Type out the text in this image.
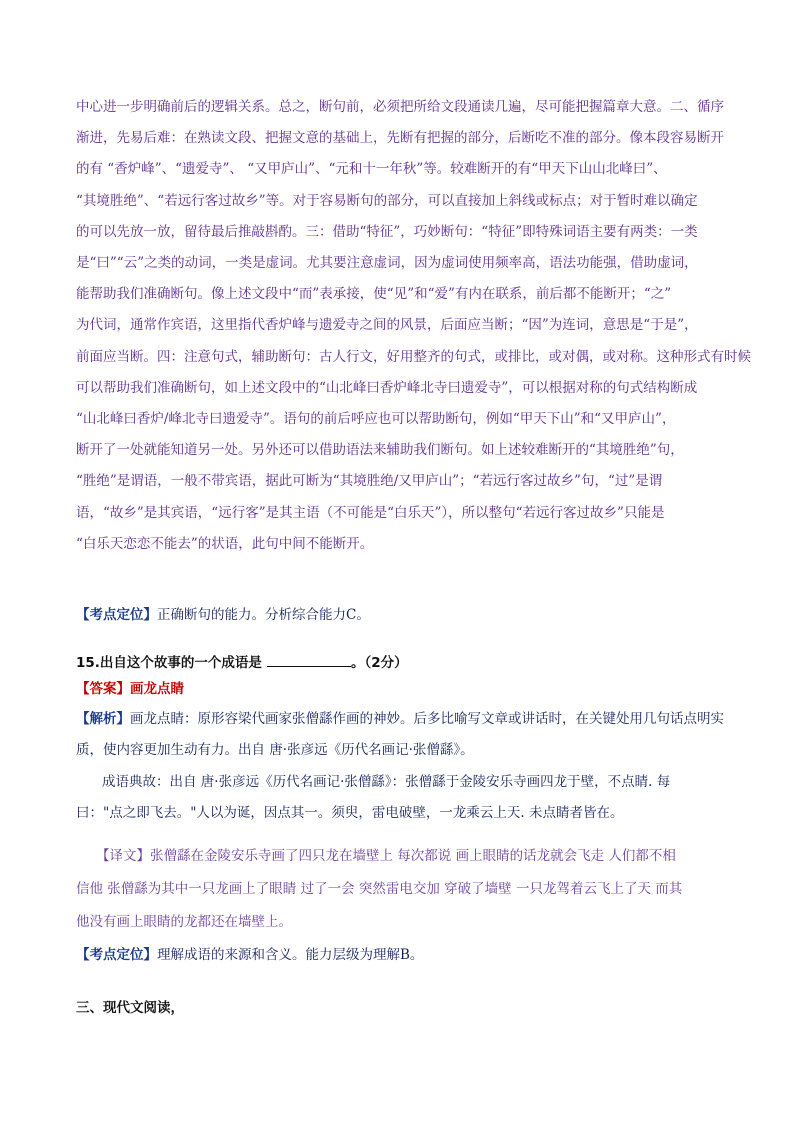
中心进一步明确前后的逻辑关系。总之，断句前，必须把所给文段通读几遍，尽可能把握篇章大意。二、循序
渐进，先易后难：在熟读文段、把握文意的基础上，先断有把握的部分，后断吃不准的部分。像本段容易断开
的有 “香炉峰”、“遗爱寺”、 “又甲庐山”、“元和十一年秋”等。较难断开的有“甲天下山山北峰曰”、
“其境胜绝”、“若远行客过故乡”等。对于容易断句的部分，可以直接加上斜线或标点；对于暂时难以确定
的可以先放一放，留待最后推敲斟酌。三：借助“特征”，巧妙断句：“特征”即特殊词语主要有两类：一类
是“曰”“云”之类的动词，一类是虚词。尤其要注意虚词，因为虚词使用频率高，语法功能强，借助虚词，
能帮助我们准确断句。像上述文段中“而”表承接，使“见”和“爱”有内在联系，前后都不能断开；“之”
为代词，通常作宾语，这里指代香炉峰与遗爱寺之间的风景，后面应当断；“因”为连词，意思是“于是”，
前面应当断。四：注意句式，辅助断句：古人行文，好用整齐的句式，或排比，或对偶，或对称。这种形式有时候
可以帮助我们准确断句，如上述文段中的“山北峰曰香炉峰北寺曰遗爱寺”，可以根据对称的句式结构断成
“山北峰曰香炉/峰北寺曰遗爱寺”。语句的前后呼应也可以帮助断句，例如“甲天下山”和“又甲庐山”，
断开了一处就能知道另一处。另外还可以借助语法来辅助我们断句。如上述较难断开的“其境胜绝”句，
“胜绝”是谓语，一般不带宾语，据此可断为“其境胜绝/又甲庐山”；“若远行客过故乡”句，“过”是谓
语，“故乡”是其宾语，“远行客”是其主语（不可能是“白乐天”），所以整句“若远行客过故乡”只能是
“白乐天恋恋不能去”的状语，此句中间不能断开。
【考点定位】正确断句的能力。分析综合能力C。
15.出自这个故事的一个成语是	。（2分）
【答案】画龙点睛
【解析】画龙点睛：原形容梁代画家张僧繇作画的神妙。后多比喻写文章或讲话时，在关键处用几句话点明实
质，使内容更加生动有力。出自 唐·张彦远《历代名画记·张僧繇》。
成语典故：出自 唐·张彦远《历代名画记·张僧繇》：张僧繇于金陵安乐寺画四龙于壁，不点睛. 每
曰："点之即飞去。"人以为诞，因点其一。须臾，雷电破壁，一龙乘云上天. 未点睛者皆在。
【译文】张僧繇在金陵安乐寺画了四只龙在墙壁上 每次都说 画上眼睛的话龙就会飞走 人们都不相
信他 张僧繇为其中一只龙画上了眼睛 过了一会 突然雷电交加 穿破了墙壁 一只龙驾着云飞上了天 而其
他没有画上眼睛的龙都还在墙壁上。
【考点定位】理解成语的来源和含义。能力层级为理解B。
三、现代文阅读，
